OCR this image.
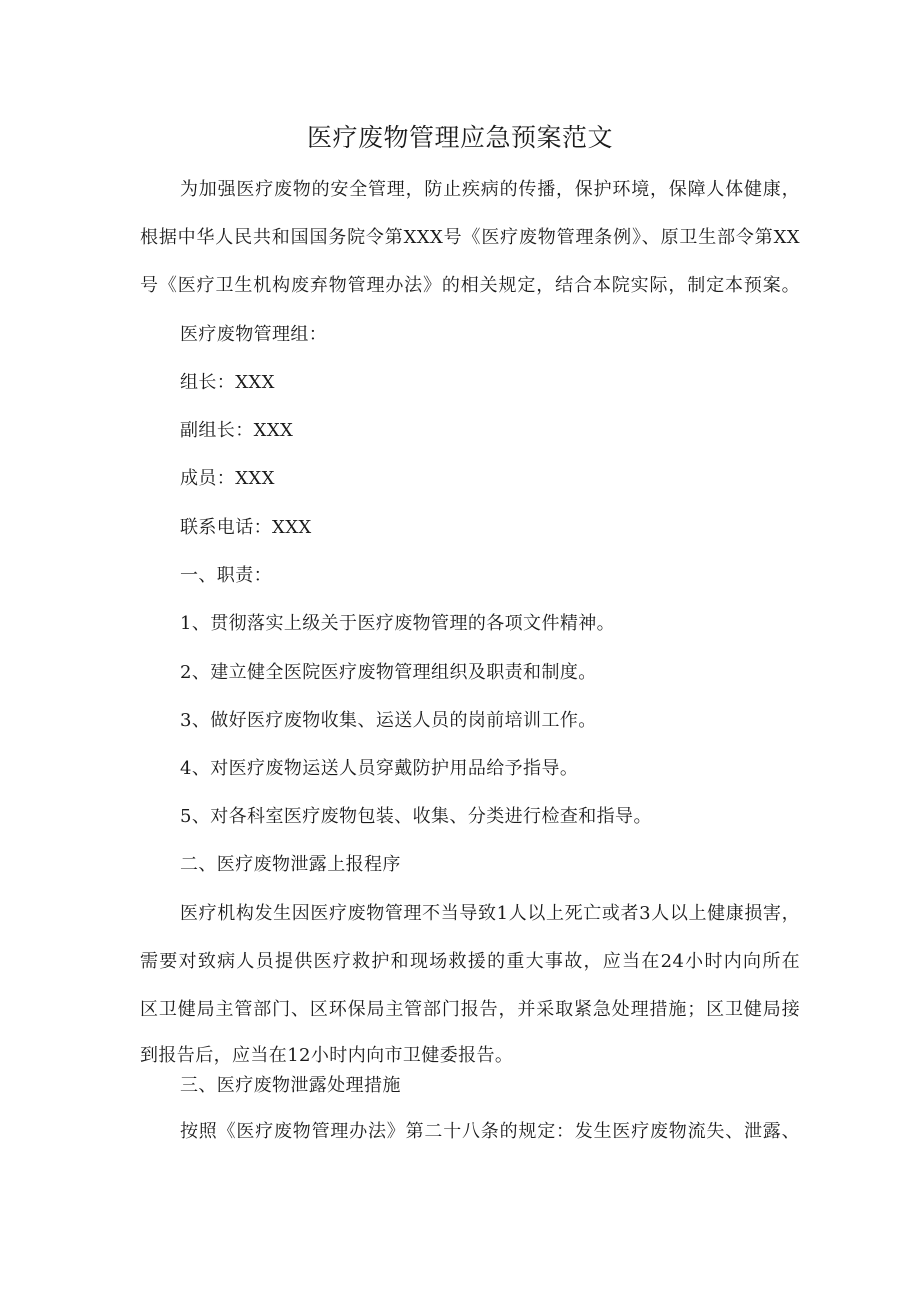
医疗废物管理应急预案范文
为加强医疗废物的安全管理，防止疾病的传播，保护环境，保障人体健康，
根据中华人民共和国国务院令第XXX号《医疗废物管理条例》、原卫生部令第XX
号《医疗卫生机构废弃物管理办法》的相关规定，结合本院实际，制定本预案。
医疗废物管理组：
组长：XXX
副组长：XXX
成员：XXX
联系电话：XXX
一、职责：
1、贯彻落实上级关于医疗废物管理的各项文件精神。
2、建立健全医院医疗废物管理组织及职责和制度。
3、做好医疗废物收集、运送人员的岗前培训工作。
4、对医疗废物运送人员穿戴防护用品给予指导。
5、对各科室医疗废物包装、收集、分类进行检查和指导。
二、医疗废物泄露上报程序
医疗机构发生因医疗废物管理不当导致1人以上死亡或者3人以上健康损害，
需要对致病人员提供医疗救护和现场救援的重大事故，应当在24小时内向所在
区卫健局主管部门、区环保局主管部门报告，并采取紧急处理措施；区卫健局接
到报告后，应当在12小时内向市卫健委报告。
三、医疗废物泄露处理措施
按照《医疗废物管理办法》第二十八条的规定：发生医疗废物流失、泄露、
